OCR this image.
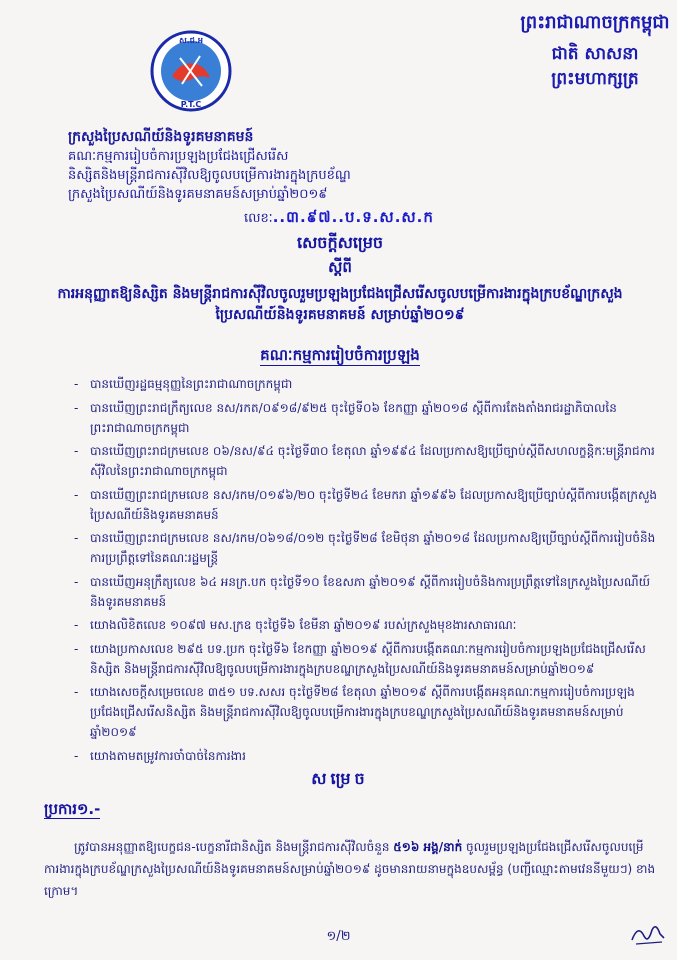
ព្រះរាជាណាចក្រកម្ពុជា
ជាតិ សាសនា ព្រះមហាក្សត្រ
ស.ជ.អ
P.T.C
ក្រសួងប្រៃសណីយ៍និងទូរគមនាគមន៍
គណៈកម្មការរៀបចំការប្រឡងប្រជែងជ្រើសរើស
និស្សិតនិងមន្ត្រីរាជការស៊ីវិលឱ្យចូលបម្រើការងារក្នុងក្របខ័ណ្ឌ
ក្រសួងប្រៃសណីយ៍និងទូរគមនាគមន៍សម្រាប់ឆ្នាំ២០១៩
លេខៈ..៣.៩៧..ប.ទ.ស.ស.ក
សេចក្តីសម្រេច
ស្តីពី
ការអនុញ្ញាតឱ្យនិស្សិត និងមន្ត្រីរាជការស៊ីវិលចូលរួមប្រឡងប្រជែងជ្រើសរើសចូលបម្រើការងារក្នុងក្របខ័ណ្ឌក្រសួងប្រៃសណីយ៍និងទូរគមនាគមន៍ សម្រាប់ឆ្នាំ២០១៩
គណៈកម្មការរៀបចំការប្រឡង
- បានឃើញរដ្ឋធម្មនុញ្ញនៃព្រះរាជាណាចក្រកម្ពុជា
- បានឃើញព្រះរាជក្រឹត្យលេខ នស/រកត/០៩១៨/៩២៥ ចុះថ្ងៃទី០៦ ខែកញ្ញា ឆ្នាំ២០១៨ ស្តីពីការតែងតាំងរាជរដ្ឋាភិបាលនៃព្រះរាជាណាចក្រកម្ពុជា
- បានឃើញព្រះរាជក្រមលេខ ០៦/នស/៩៤ ចុះថ្ងៃទី៣០ ខែតុលា ឆ្នាំ១៩៩៤ ដែលប្រកាសឱ្យប្រើច្បាប់ស្តីពីសហលក្ខន្តិកៈមន្ត្រីរាជការស៊ីវិលនៃព្រះរាជាណាចក្រកម្ពុជា
- បានឃើញព្រះរាជក្រមលេខ នស/រកម/០១៩៦/២០ ចុះថ្ងៃទី២៤ ខែមករា ឆ្នាំ១៩៩៦ ដែលប្រកាសឱ្យប្រើច្បាប់ស្តីពីការបង្កើតក្រសួងប្រៃសណីយ៍និងទូរគមនាគមន៍
- បានឃើញព្រះរាជក្រមលេខ នស/រកម/០៦១៨/០១២ ចុះថ្ងៃទី២៨ ខែមិថុនា ឆ្នាំ២០១៨ ដែលប្រកាសឱ្យប្រើច្បាប់ស្តីពីការរៀបចំនិងការប្រព្រឹត្តទៅនៃគណៈរដ្ឋមន្ត្រី
- បានឃើញអនុក្រឹត្យលេខ ៦៤ អនក្រ.បក ចុះថ្ងៃទី១០ ខែឧសភា ឆ្នាំ២០១៩ ស្តីពីការរៀបចំនិងការប្រព្រឹត្តទៅនៃក្រសួងប្រៃសណីយ៍និងទូរគមនាគមន៍
- យោងលិខិតលេខ ១០៩៧ មស.ក្រឧ ចុះថ្ងៃទី៦ ខែមីនា ឆ្នាំ២០១៩ របស់ក្រសួងមុខងារសាធារណៈ
- យោងប្រកាសលេខ ២៩៥ បទ.ប្រក ចុះថ្ងៃទី៦ ខែកញ្ញា ឆ្នាំ២០១៩ ស្តីពីការបង្កើតគណៈកម្មការរៀបចំការប្រឡងប្រជែងជ្រើសរើសនិស្សិត និងមន្ត្រីរាជការស៊ីវិលឱ្យចូលបម្រើការងារក្នុងក្របខណ្ឌក្រសួងប្រៃសណីយ៍និងទូរគមនាគមន៍សម្រាប់ឆ្នាំ២០១៩
- យោងសេចក្តីសម្រេចលេខ ៣៥១ បទ.សសរ ចុះថ្ងៃទី២៨ ខែតុលា ឆ្នាំ២០១៩ ស្តីពីការបង្កើតអនុគណៈកម្មការរៀបចំការប្រឡងប្រជែងជ្រើសរើសនិស្សិត និងមន្ត្រីរាជការស៊ីវិលឱ្យចូលបម្រើការងារក្នុងក្របខណ្ឌក្រសួងប្រៃសណីយ៍និងទូរគមនាគមន៍សម្រាប់ឆ្នាំ២០១៩
- យោងតាមតម្រូវការចាំបាច់នៃការងារ
សម្រេច
ប្រការ១.-
ត្រូវបានអនុញ្ញាតឱ្យបេក្ខជន-បេក្ខនារីជានិស្សិត និងមន្ត្រីរាជការស៊ីវិលចំនួន ៥១៦ អង្គ/នាក់ ចូលរួមប្រឡងប្រជែងជ្រើសរើសចូលបម្រើការងារក្នុងក្របខ័ណ្ឌក្រសួងប្រៃសណីយ៍និងទូរគមនាគមន៍សម្រាប់ឆ្នាំ២០១៩ ដូចមានរាយនាមក្នុងឧបសម្ព័ន្ធ (បញ្ជីឈ្មោះតាមវេននីមួយៗ) ខាងក្រោម។
១/២
